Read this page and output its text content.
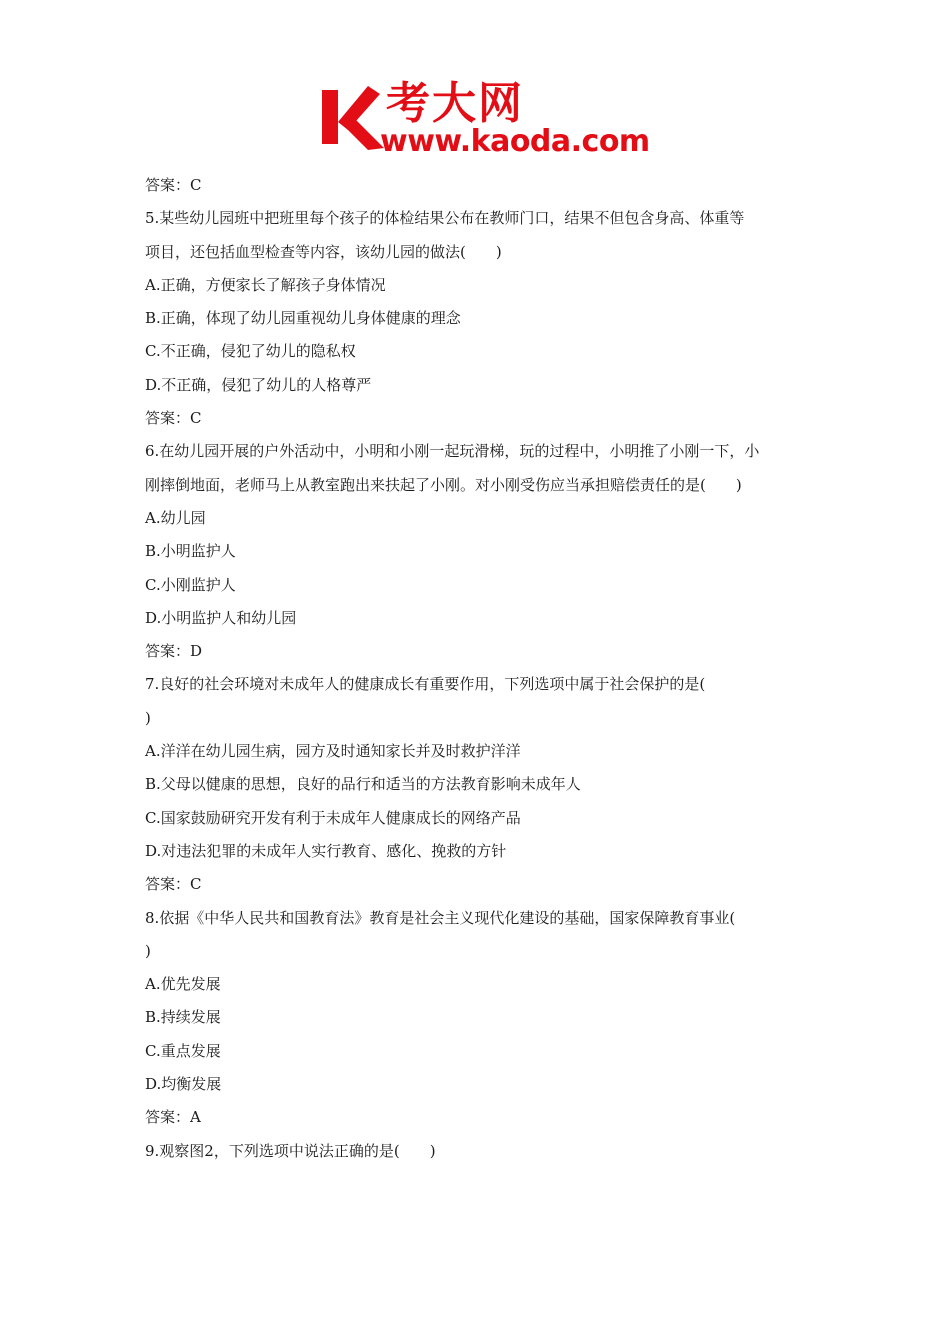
考大网
www.kaoda.com
答案：C
5.某些幼儿园班中把班里每个孩子的体检结果公布在教师门口，结果不但包含身高、体重等
项目，还包括血型检查等内容，该幼儿园的做法(　　)
A.正确，方便家长了解孩子身体情况
B.正确，体现了幼儿园重视幼儿身体健康的理念
C.不正确，侵犯了幼儿的隐私权
D.不正确，侵犯了幼儿的人格尊严
答案：C
6.在幼儿园开展的户外活动中，小明和小刚一起玩滑梯，玩的过程中，小明推了小刚一下，小
刚摔倒地面，老师马上从教室跑出来扶起了小刚。对小刚受伤应当承担赔偿责任的是(　　)
A.幼儿园
B.小明监护人
C.小刚监护人
D.小明监护人和幼儿园
答案：D
7.良好的社会环境对未成年人的健康成长有重要作用，下列选项中属于社会保护的是(
)
A.洋洋在幼儿园生病，园方及时通知家长并及时救护洋洋
B.父母以健康的思想，良好的品行和适当的方法教育影响未成年人
C.国家鼓励研究开发有利于未成年人健康成长的网络产品
D.对违法犯罪的未成年人实行教育、感化、挽救的方针
答案：C
8.依据《中华人民共和国教育法》教育是社会主义现代化建设的基础，国家保障教育事业(
)
A.优先发展
B.持续发展
C.重点发展
D.均衡发展
答案：A
9.观察图2，下列选项中说法正确的是(　　)
